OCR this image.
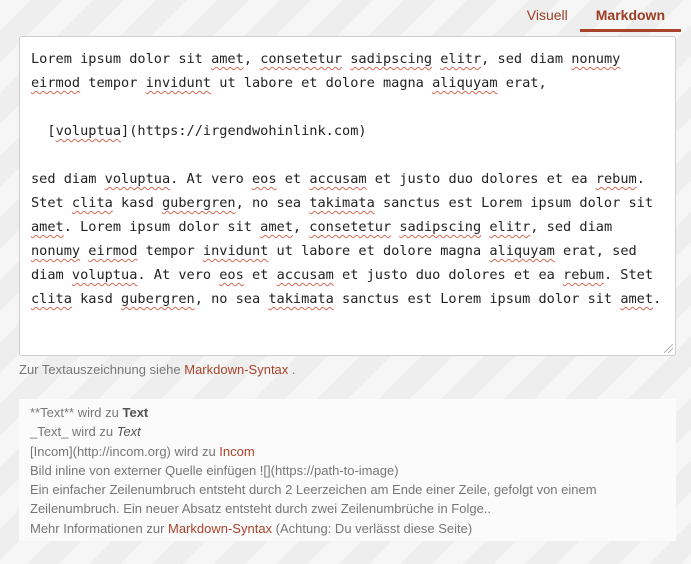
Visuell	Markdown
Lorem ipsum dolor sit amet, consetetur sadipscing elitr, sed diam nonumy eirmod tempor invidunt ut labore et dolore magna aliquyam erat,

[voluptua](https://irgendwohinlink.com)

sed diam voluptua. At vero eos et accusam et justo duo dolores et ea rebum. Stet clita kasd gubergren, no sea takimata sanctus est Lorem ipsum dolor sit amet. Lorem ipsum dolor sit amet, consetetur sadipscing elitr, sed diam nonumy eirmod tempor invidunt ut labore et dolore magna aliquyam erat, sed diam voluptua. At vero eos et accusam et justo duo dolores et ea rebum. Stet clita kasd gubergren, no sea takimata sanctus est Lorem ipsum dolor sit amet.
Zur Textauszeichnung siehe Markdown-Syntax .
**Text** wird zu Text
_Text_ wird zu Text
[Incom](http://incom.org) wird zu Incom
Bild inline von externer Quelle einfügen ![](https://path-to-image)
Ein einfacher Zeilenumbruch entsteht durch 2 Leerzeichen am Ende einer Zeile, gefolgt von einem Zeilenumbruch. Ein neuer Absatz entsteht durch zwei Zeilenumbrüche in Folge..
Mehr Informationen zur Markdown-Syntax (Achtung: Du verlässt diese Seite)
